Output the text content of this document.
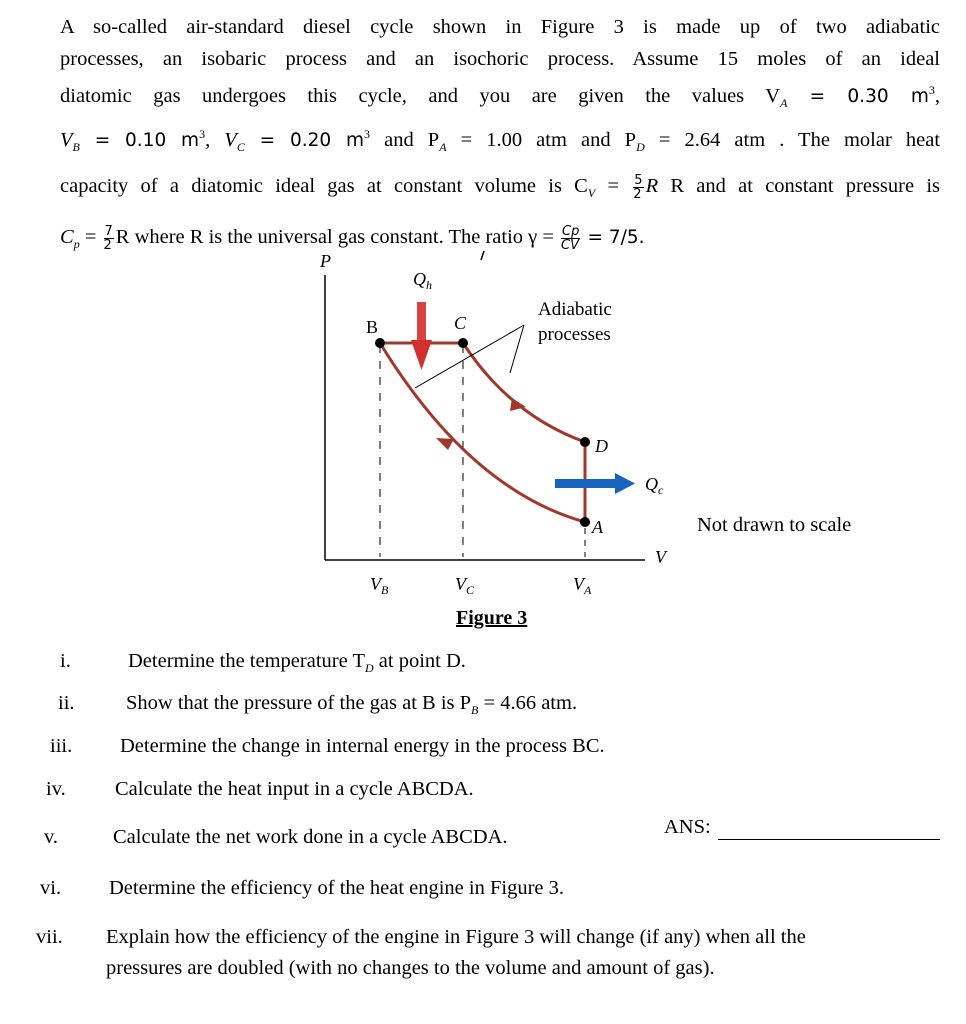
A so-called air-standard diesel cycle shown in Figure 3 is made up of two adiabatic
processes, an isobaric process and an isochoric process. Assume 15 moles of an ideal
diatomic gas undergoes this cycle, and you are given the values $V_A = 0.30$ $m^3$,
$V_B = 0.10$ $m^3$, $V_C = 0.20$ $m^3$ and $P_A = 1.00$ atm and $P_D = 2.64$ atm . The molar heat
capacity of a diatomic ideal gas at constant volume is $C_V = \frac{5}{2}$ R R and at constant pressure is
$C_p = \frac{7}{2}$ R where R is the universal gas constant. The ratio $\gamma = \frac{Cp}{CV} = 7/5$.
P
V
B	C
D
A
$Q_h$
$Q_c$
Adiabatic
processes
$V_B$	$V_C$	$V_A$
Figure 3
Not drawn to scale
i.	Determine the temperature $T_D$ at point D.
ii.	Show that the pressure of the gas at B is $P_B = 4.66$ atm.
iii. Determine the change in internal energy in the process BC.
iv. Calculate the heat input in a cycle ABCDA.
v.	Calculate the net work done in a cycle ABCDA.
vi. Determine the efficiency of the heat engine in Figure 3.
vii. Explain how the efficiency of the engine in Figure 3 will change (if any) when all the
pressures are doubled (with no changes to the volume and amount of gas).
ANS:
